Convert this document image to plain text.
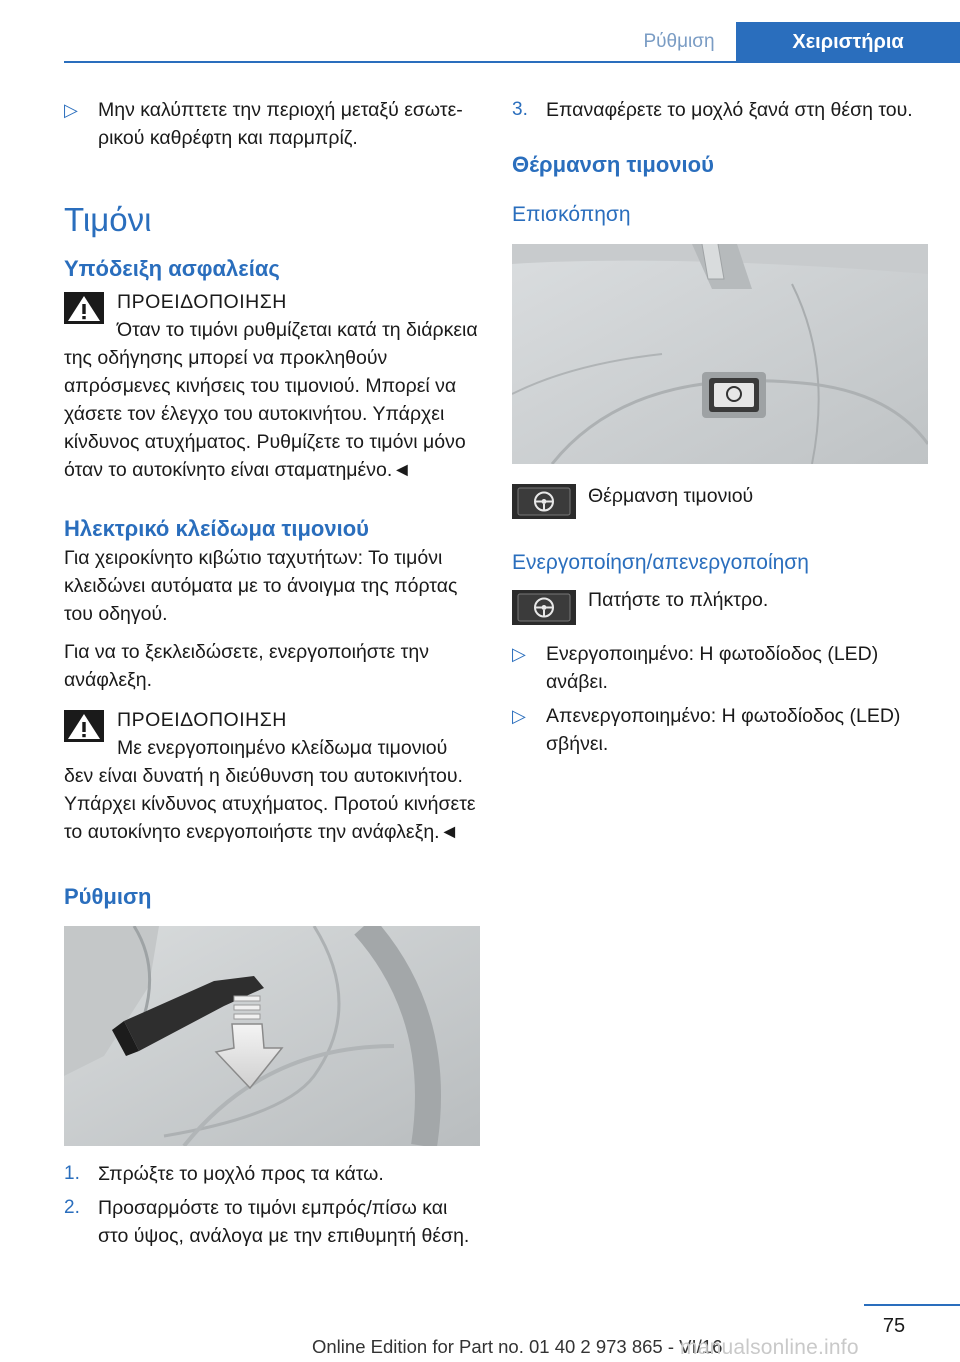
Ρύθμιση	Χειριστήρια
▷ Μην καλύπτετε την περιοχή μεταξύ εσωτερικού καθρέφτη και παρμπρίζ.
Τιμόνι
Υπόδειξη ασφαλείας

ΠΡΟΕΙΔΟΠΟΙΗΣΗ

Όταν το τιμόνι ρυθμίζεται κατά τη διάρκεια της οδήγησης μπορεί να προκληθούν απρόσμενες κινήσεις του τιμονιού. Μπορεί να χάσετε τον έλεγχο του αυτοκινήτου. Υπάρχει κίνδυνος ατυχήματος. Ρυθμίζετε το τιμόνι μόνο όταν το αυτοκίνητο είναι σταματημένο.◄

Ηλεκτρικό κλείδωμα τιμονιού

Για χειροκίνητο κιβώτιο ταχυτήτων: Το τιμόνι κλειδώνει αυτόματα με το άνοιγμα της πόρτας του οδηγού.

Για να το ξεκλειδώσετε, ενεργοποιήστε την ανάφλεξη.

ΠΡΟΕΙΔΟΠΟΙΗΣΗ

Με ενεργοποιημένο κλείδωμα τιμονιού δεν είναι δυνατή η διεύθυνση του αυτοκινήτου. Υπάρχει κίνδυνος ατυχήματος. Προτού κινήσετε το αυτοκίνητο ενεργοποιήστε την ανάφλεξη.◄

Ρύθμιση
1. Σπρώξτε το μοχλό προς τα κάτω.
2. Προσαρμόστε το τιμόνι εμπρός/πίσω και στο ύψος, ανάλογα με την επιθυμητή θέση.
3. Επαναφέρετε το μοχλό ξανά στη θέση του.
Θέρμανση τιμονιού
Επισκόπηση

Θέρμανση τιμονιού

Ενεργοποίηση/απενεργοποίηση

Πατήστε το πλήκτρο.

▷ Ενεργοποιημένο: Η φωτοδίοδος (LED) ανάβει.
▷ Απενεργοποιημένο: Η φωτοδίοδος (LED) σβήνει.
75
Online Edition for Part no. 01 40 2 973 865 - VI/16
manualsonline.info
